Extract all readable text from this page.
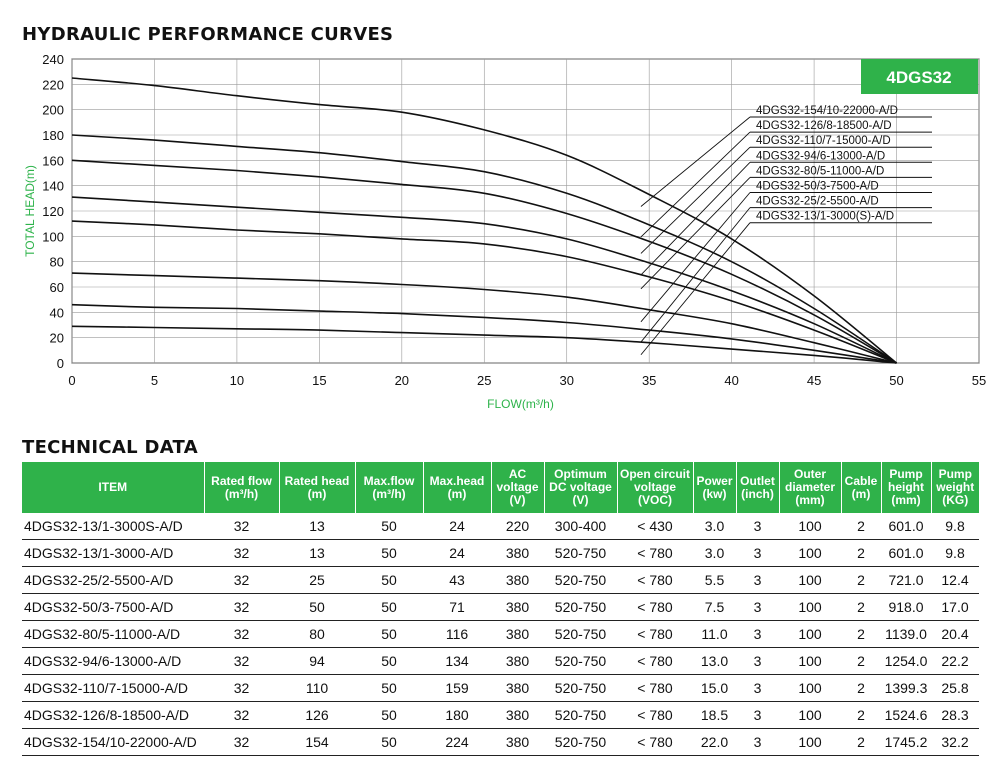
HYDRAULIC PERFORMANCE CURVES
0	5	10	15	20	25	30	35	40	45	50	55
0
20
40
60
80
100
120
140
160
180
200
220
240
FLOW(m³/h)
TOTAL HEAD(m)
4DGS32
4DGS32-154/10-22000-A/D
4DGS32-126/8-18500-A/D
4DGS32-110/7-15000-A/D
4DGS32-94/6-13000-A/D
4DGS32-80/5-11000-A/D
4DGS32-50/3-7500-A/D
4DGS32-25/2-5500-A/D
4DGS32-13/1-3000(S)-A/D
TECHNICAL DATA
ITEM	Rated flow (m³/h)	Rated head (m)	Max.flow (m³/h)	Max.head (m)	AC voltage (V)	Optimum DC voltage (V)	Open circuit voltage (VOC)	Power (kw)	Outlet (inch)	Outer diameter (mm)	Cable (m)	Pump height (mm)	Pump weight (KG)
4DGS32-13/1-3000S-A/D	32	13	50	24	220	300-400	< 430	3.0	3	100	2	601.0	9.8
4DGS32-13/1-3000-A/D	32	13	50	24	380	520-750	< 780	3.0	3	100	2	601.0	9.8
4DGS32-25/2-5500-A/D	32	25	50	43	380	520-750	< 780	5.5	3	100	2	721.0	12.4
4DGS32-50/3-7500-A/D	32	50	50	71	380	520-750	< 780	7.5	3	100	2	918.0	17.0
4DGS32-80/5-11000-A/D	32	80	50	116	380	520-750	< 780	11.0	3	100	2	1139.0	20.4
4DGS32-94/6-13000-A/D	32	94	50	134	380	520-750	< 780	13.0	3	100	2	1254.0	22.2
4DGS32-110/7-15000-A/D	32	110	50	159	380	520-750	< 780	15.0	3	100	2	1399.3	25.8
4DGS32-126/8-18500-A/D	32	126	50	180	380	520-750	< 780	18.5	3	100	2	1524.6	28.3
4DGS32-154/10-22000-A/D	32	154	50	224	380	520-750	< 780	22.0	3	100	2	1745.2	32.2
